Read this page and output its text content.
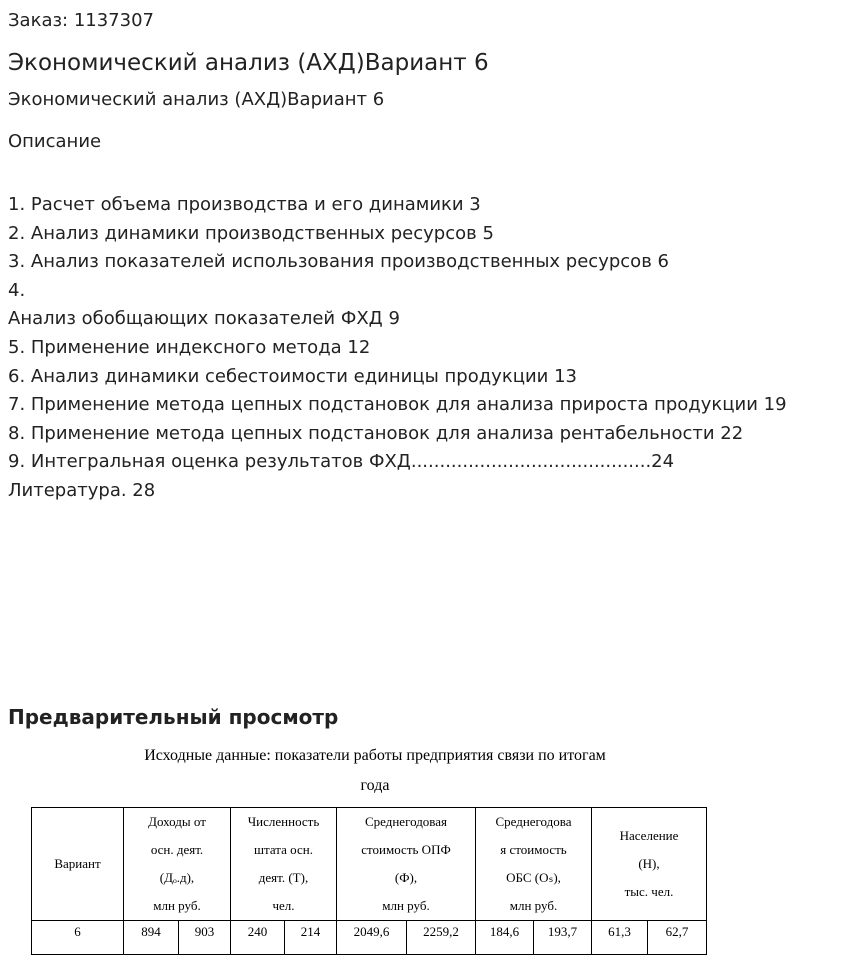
Заказ: 1137307
Экономический анализ (АХД)Вариант 6
Экономический анализ (АХД)Вариант 6
Описание
1. Расчет объема производства и его динамики 3
2. Анализ динамики производственных ресурсов 5
3. Анализ показателей использования производственных ресурсов 6
4.
Анализ обобщающих показателей ФХД 9
5. Применение индексного метода 12
6. Анализ динамики себестоимости единицы продукции 13
7. Применение метода цепных подстановок для анализа прироста продукции 19
8. Применение метода цепных подстановок для анализа рентабельности 22
9. Интегральная оценка результатов ФХД..........................................24
Литература. 28
Предварительный просмотр
Исходные данные: показатели работы предприятия связи по итогам
года
Вариант	Доходы от
осн. деят.
(Дₒ.д),
млн руб.		Численность
штата осн.
деят. (Т),
чел.		Среднегодовая
стоимость ОПФ
(Ф),
млн руб.		Среднегодова
я стоимость
ОБС (Оₛ),
млн руб.		Население
(Н),
тыс. чел.	

6	894	903	240	214	2049,6	2259,2	184,6	193,7	61,3	62,7
